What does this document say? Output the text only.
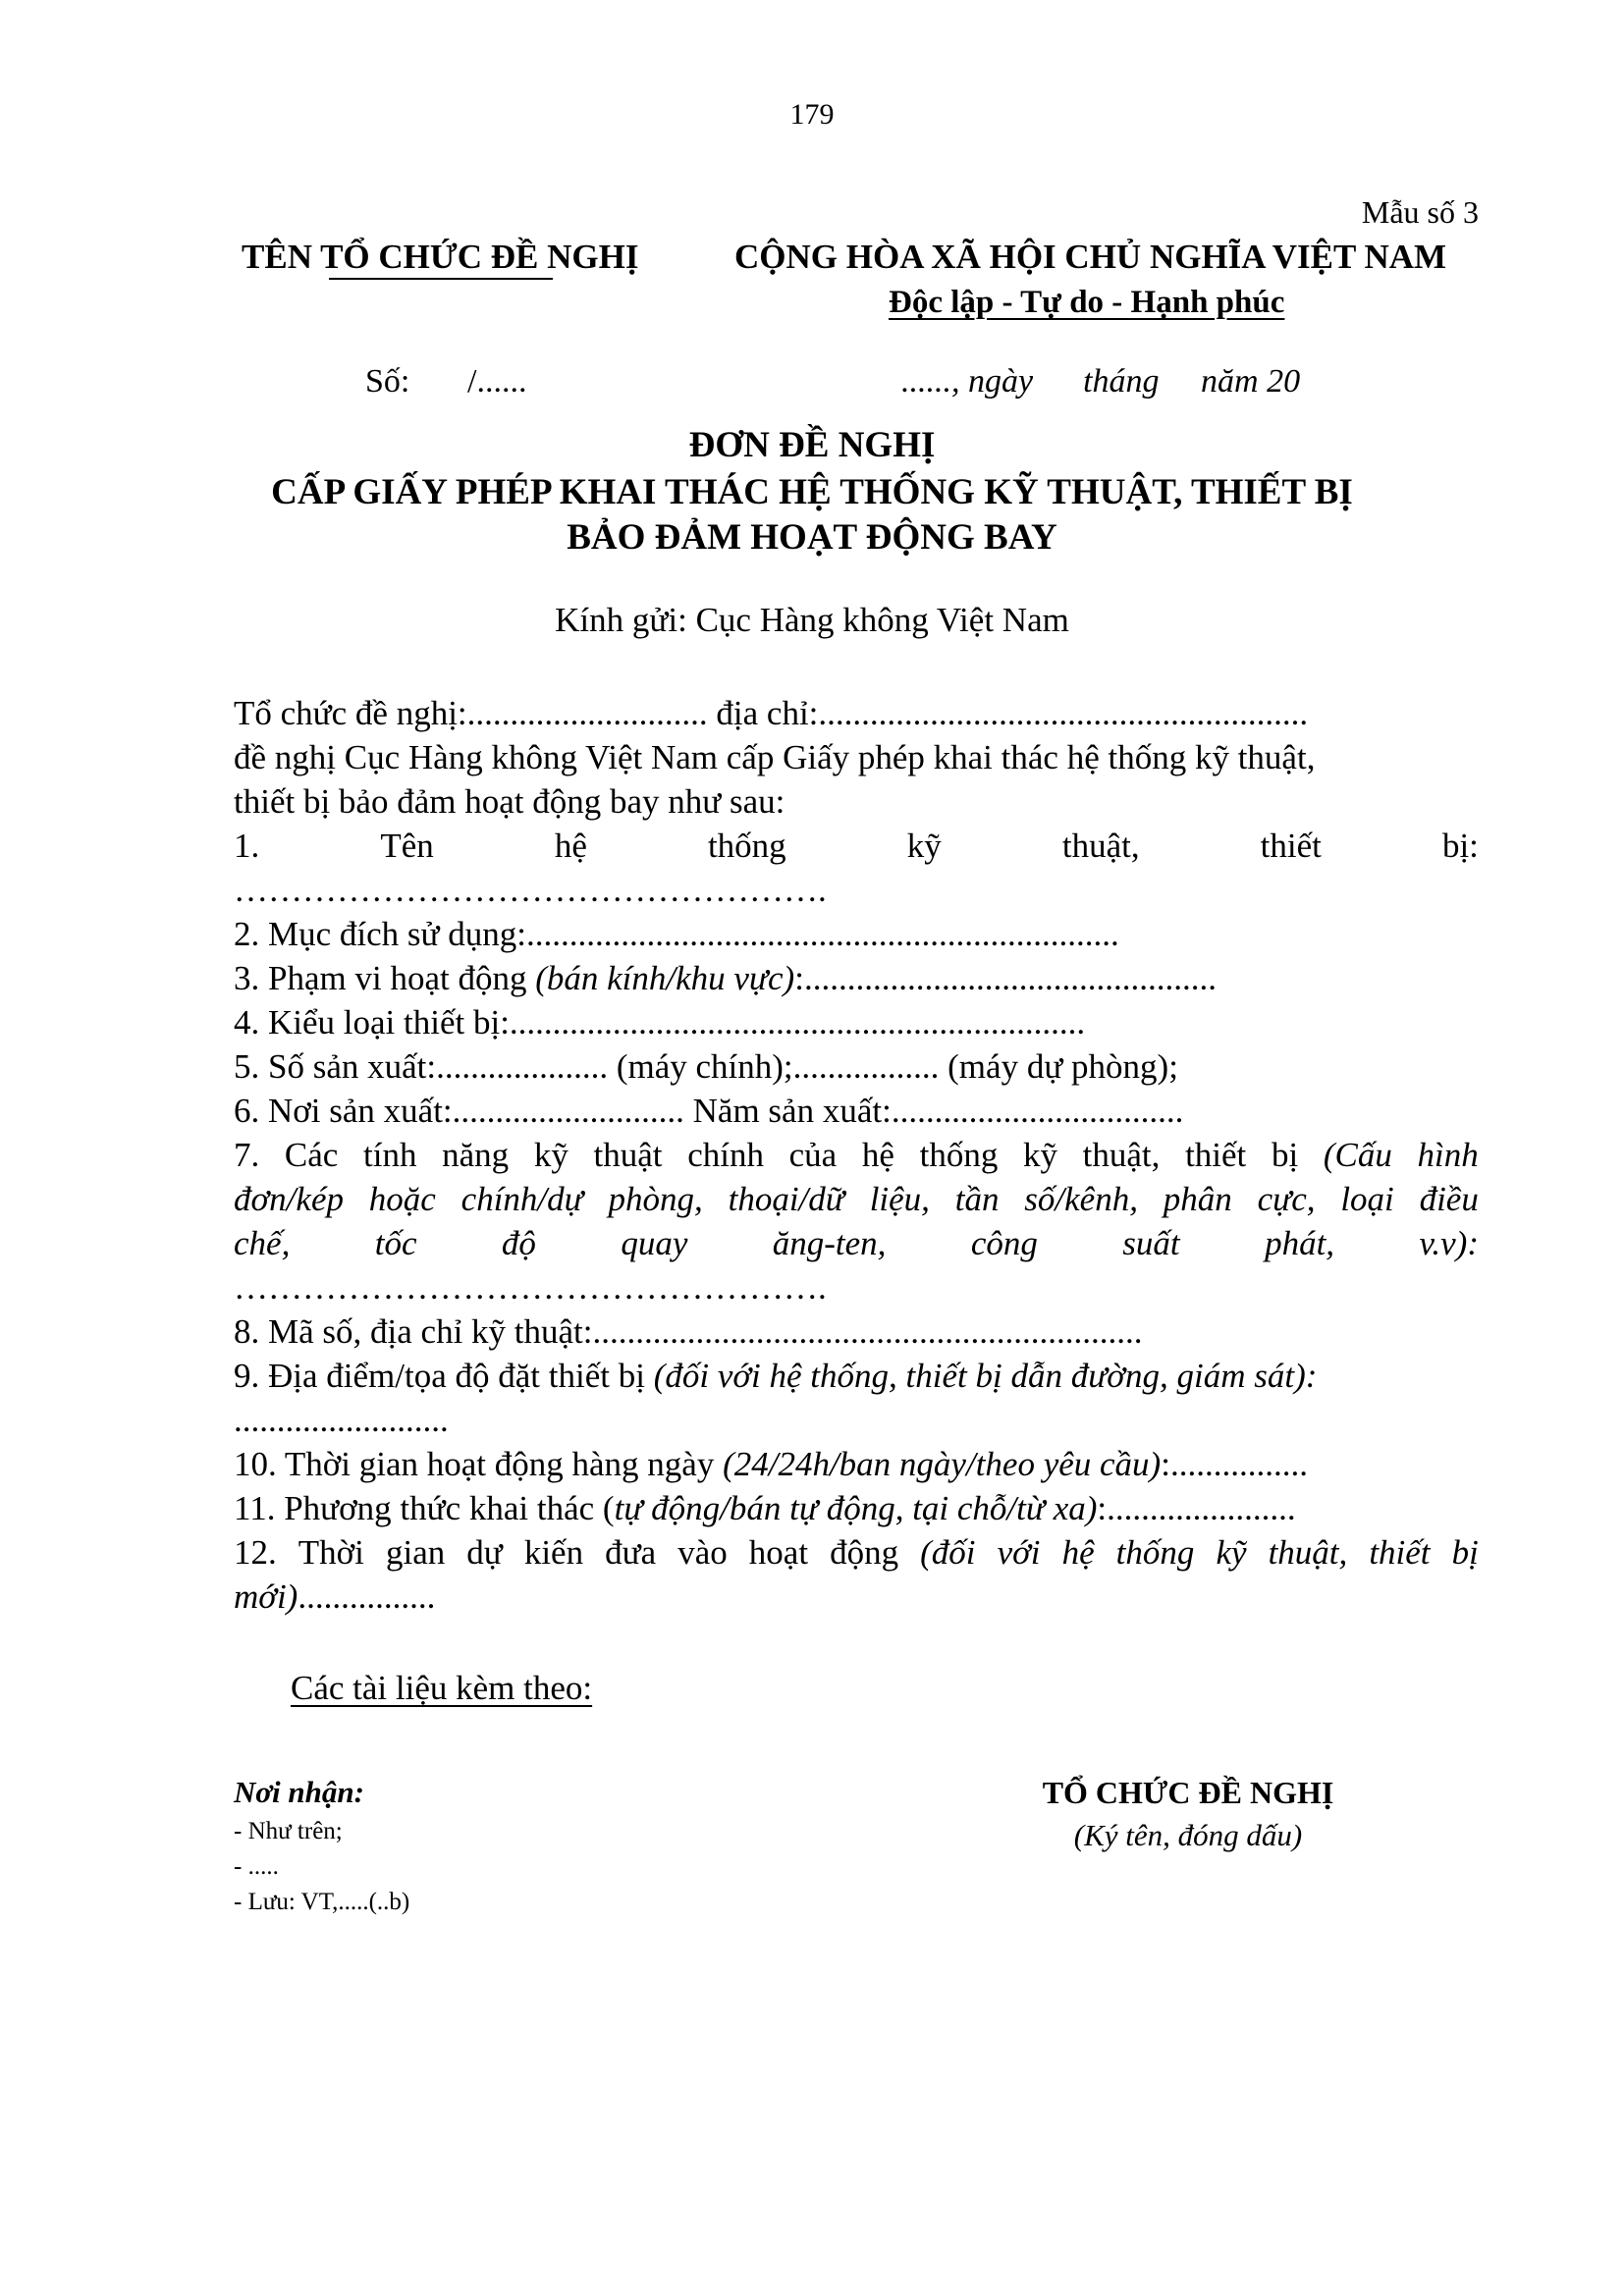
179
Mẫu số 3
TÊN TỔ CHỨC ĐỀ NGHỊ	CỘNG HÒA XÃ HỘI CHỦ NGHĨA VIỆT NAM
Độc lập - Tự do - Hạnh phúc
Số: /......	......, ngày      tháng     năm 20
ĐƠN ĐỀ NGHỊ
CẤP GIẤY PHÉP KHAI THÁC HỆ THỐNG KỸ THUẬT, THIẾT BỊ
BẢO ĐẢM HOẠT ĐỘNG BAY
Kính gửi: Cục Hàng không Việt Nam
Tổ chức đề nghị:............................ địa chỉ:.........................................................
đề nghị Cục Hàng không Việt Nam cấp Giấy phép khai thác hệ thống kỹ thuật,
thiết bị bảo đảm hoạt động bay như sau:
1.	Tên	hệ	thống	kỹ	thuật,	thiết	bị:
…………………………………………….
2. Mục đích sử dụng:.....................................................................
3. Phạm vi hoạt động (bán kính/khu vực):................................................
4. Kiểu loại thiết bị:...................................................................
5. Số sản xuất:.................... (máy chính);................. (máy dự phòng);
6. Nơi sản xuất:........................... Năm sản xuất:..................................
7. Các tính năng kỹ thuật chính của hệ thống kỹ thuật, thiết bị (Cấu hình
đơn/kép hoặc chính/dự phòng, thoại/dữ liệu, tần số/kênh, phân cực, loại điều
chế, tốc độ quay ăng-ten, công suất phát, v.v):
…………………………………………….
8. Mã số, địa chỉ kỹ thuật:................................................................
9. Địa điểm/tọa độ đặt thiết bị (đối với hệ thống, thiết bị dẫn đường, giám sát):
.........................
10. Thời gian hoạt động hàng ngày (24/24h/ban ngày/theo yêu cầu):................
11. Phương thức khai thác (tự động/bán tự động, tại chỗ/từ xa):......................
12. Thời gian dự kiến đưa vào hoạt động (đối với hệ thống kỹ thuật, thiết bị
mới)................
Các tài liệu kèm theo:
Nơi nhận:
- Như trên;
- .....
- Lưu: VT,.....(..b)
TỔ CHỨC ĐỀ NGHỊ
(Ký tên, đóng dấu)
